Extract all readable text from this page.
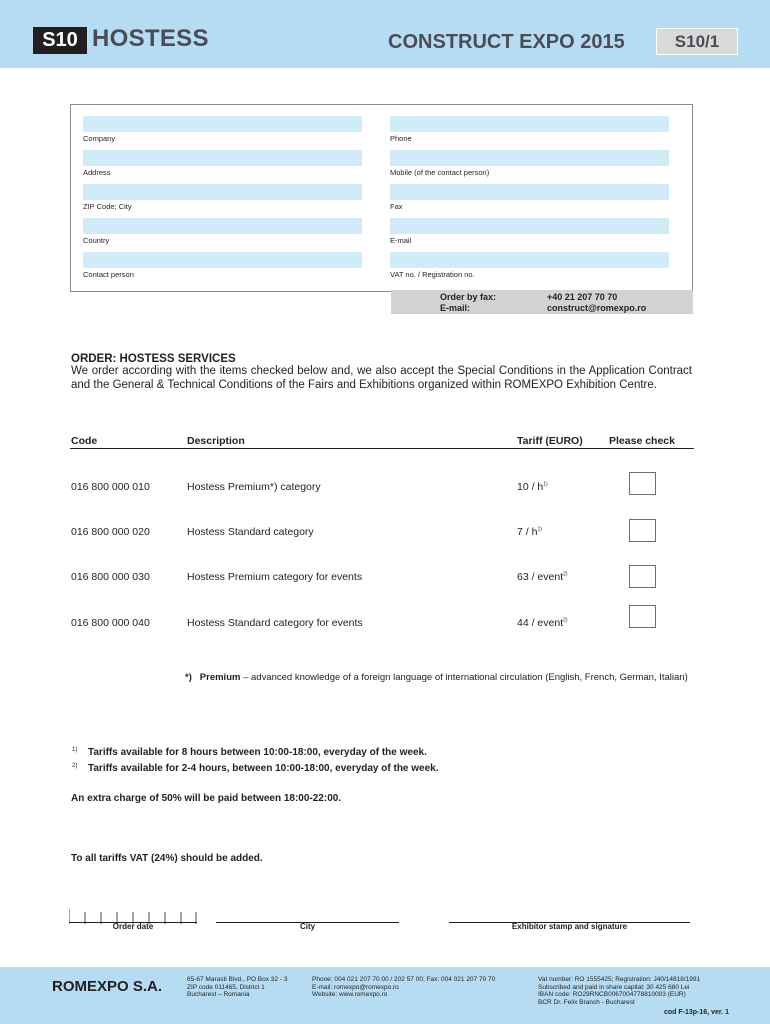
S10 HOSTESS	CONSTRUCT EXPO 2015	S10/1
Company	Phone
Address	Mobile (of the contact person)
ZIP Code; City	Fax
Country	E-mail
Contact person	VAT no. / Registration no.
Order by fax:	+40 21 207 70 70
E-mail:	construct@romexpo.ro
ORDER: HOSTESS SERVICES
We order according with the items checked below and, we also accept the Special Conditions in the Application Contract and the General & Technical Conditions of the Fairs and Exhibitions organized within ROMEXPO Exhibition Centre.
Code	Description	Tariff (EURO)	Please check
016 800 000 010	Hostess Premium*) category	$10 / h^{1)}$
016 800 000 020	Hostess Standard category	$7 / h^{1)}$
016 800 000 030	Hostess Premium category for events	63 / event$^{2)}$
016 800 000 040	Hostess Standard category for events	44 / event$^{2)}$
*) Premium – advanced knowledge of a foreign language of international circulation (English, French, German, Italian)
1) Tariffs available for 8 hours between 10:00-18:00, everyday of the week.
2) Tariffs available for 2-4 hours, between 10:00-18:00, everyday of the week.
An extra charge of 50% will be paid between 18:00-22:00.
To all tariffs VAT (24%) should be added.
Order date	City	Exhibitor stamp and signature
ROMEXPO S.A.	65-67 Marasti Blvd., PO Box 32 - 3
ZIP code 011465, District 1
Bucharest – Romania
Phone: 004 021 207 70 00 / 202 57 00; Fax: 004 021 207 70 70
E-mail: romexpo@romexpo.ro
Website: www.romexpo.ro
Vat number: RO 1555425; Registration: J40/14818/1991
Subscribed and paid in share capital: 30 425 680 Lei
IBAN code: RO29RNCB0067004778810003 (EUR)
BCR Dr. Felix Branch - Bucharest
cod F-13p-16, ver. 1
